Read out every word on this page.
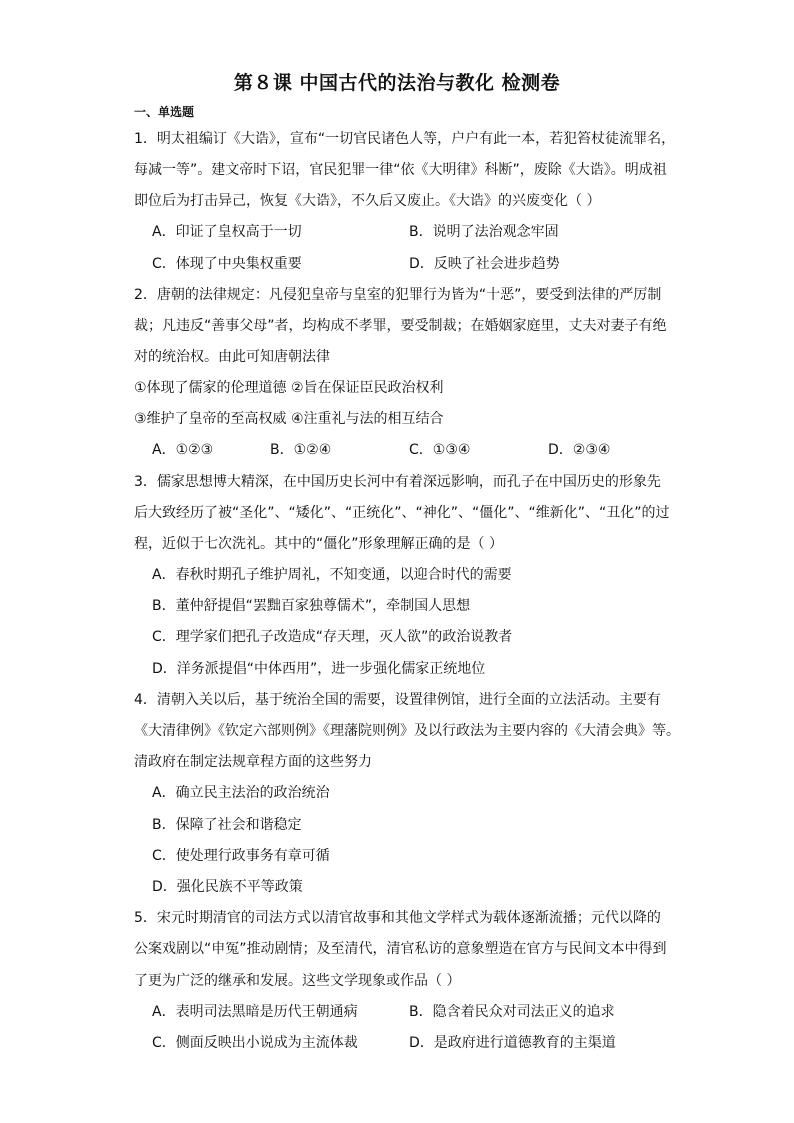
第８课 中国古代的法治与教化 检测卷
一、单选题
1．明太祖编订《大诰》，宣布“一切官民诸色人等，户户有此一本，若犯笞杖徒流罪名，
每减一等”。建文帝时下诏，官民犯罪一律“依《大明律》科断”，废除《大诰》。明成祖
即位后为打击异己，恢复《大诰》，不久后又废止。《大诰》的兴废变化（ ）
A．印证了皇权高于一切	B．说明了法治观念牢固
C．体现了中央集权重要	D．反映了社会进步趋势
2．唐朝的法律规定：凡侵犯皇帝与皇室的犯罪行为皆为“十恶”，要受到法律的严厉制
裁；凡违反“善事父母”者，均构成不孝罪，要受制裁；在婚姻家庭里，丈夫对妻子有绝
对的统治权。由此可知唐朝法律
①体现了儒家的伦理道德 ②旨在保证臣民政治权利
③维护了皇帝的至高权威 ④注重礼与法的相互结合
A．①②③	B．①②④	C．①③④	D．②③④
3．儒家思想博大精深，在中国历史长河中有着深远影响，而孔子在中国历史的形象先
后大致经历了被“圣化”、“矮化”、“正统化”、“神化”、“僵化”、“维新化”、“丑化”的过
程，近似于七次洗礼。其中的“僵化”形象理解正确的是（ ）
A．春秋时期孔子维护周礼，不知变通，以迎合时代的需要
B．董仲舒提倡“罢黜百家独尊儒术”，牵制国人思想
C．理学家们把孔子改造成“存天理，灭人欲”的政治说教者
D．洋务派提倡“中体西用”，进一步强化儒家正统地位
4．清朝入关以后，基于统治全国的需要，设置律例馆，进行全面的立法活动。主要有
《大清律例》《钦定六部则例》《理藩院则例》及以行政法为主要内容的《大清会典》等。
清政府在制定法规章程方面的这些努力
A．确立民主法治的政治统治
B．保障了社会和谐稳定
C．使处理行政事务有章可循
D．强化民族不平等政策
5．宋元时期清官的司法方式以清官故事和其他文学样式为载体逐渐流播；元代以降的
公案戏剧以“申冤”推动剧情；及至清代，清官私访的意象塑造在官方与民间文本中得到
了更为广泛的继承和发展。这些文学现象或作品（ ）
A．表明司法黑暗是历代王朝通病	B．隐含着民众对司法正义的追求
C．侧面反映出小说成为主流体裁	D．是政府进行道德教育的主渠道
